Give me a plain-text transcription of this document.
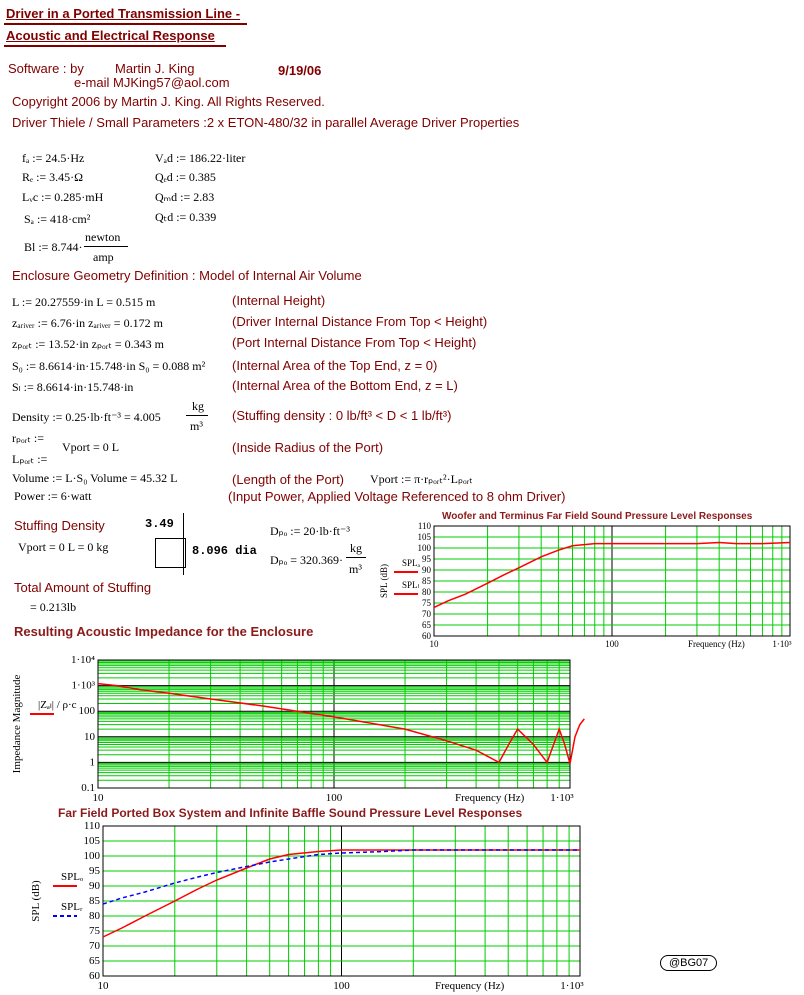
Driver in a Ported Transmission Line -
Acoustic and Electrical Response
Software : by Martin J. King	9/19/06
e-mail MJKing57@aol.com
Copyright 2006 by Martin J. King. All Rights Reserved.
Driver Thiele / Small Parameters :2 x ETON-480/32 in parallel Average Driver Properties
fₐ := 24.5·Hz
Rₑ := 3.45·Ω
Lᵥc := 0.285·mH
Sₐ := 418·cm²
Bl := 8.744·
newton
amp
Vₐd := 186.22·liter
Qₑd := 0.385
Qₘd := 2.83
Qₜd := 0.339
Enclosure Geometry Definition : Model of Internal Air Volume
L := 20.27559·in L = 0.515 m
zₐᵣᵢᵥₑᵣ := 6.76·in zₐᵣᵢᵥₑᵣ = 0.172 m
zₚₒᵣₜ := 13.52·in zₚₒᵣₜ = 0.343 m
S₀ := 8.6614·in·15.748·in S₀ = 0.088 m²
Sₗ := 8.6614·in·15.748·in
Density := 0.25·lb·ft⁻³ = 4.005
kg
m³
rₚₒᵣₜ :=
Vport = 0 L
Lₚₒᵣₜ :=
Volume := L·S₀ Volume = 45.32 L
Power := 6·watt
(Internal Height)
(Driver Internal Distance From Top < Height)
(Port Internal Distance From Top < Height)
(Internal Area of the Top End, z = 0)
(Internal Area of the Bottom End, z = L)
(Stuffing density : 0 lb/ft³ < D < 1 lb/ft³)
(Inside Radius of the Port)
(Length of the Port) Vport := π·rₚₒᵣₜ²·Lₚₒᵣₜ
(Input Power, Applied Voltage Referenced to 8 ohm Driver)
Stuffing Density	3.49
Vport = 0 L = 0 kg	8.096 dia
Dₚₒ := 20·lb·ft⁻³
Dₚₒ = 320.369·
kg
m³
Total Amount of Stuffing
= 0.213lb
Resulting Acoustic Impedance for the Enclosure
Woofer and Terminus Far Field Sound Pressure Level Responses
60
65
70
75
80
85
90
95
100
105
110
10	100	1·10³
Frequency (Hz)
SPL (dB)
SPLₐ
SPLₗ
0.1
1
10
100
1·10³
1·10⁴
10	100	1·10³
Frequency (Hz)
Impedance Magnitude |Zₐₗ| / ρ·c
Far Field Ported Box System and Infinite Baffle Sound Pressure Level Responses
60
65
70
75
80
85
90
95
100
105
110
10	100	1·10³
Frequency (Hz)
SPL (dB)
SPLₒ
SPLᵣ
@BG07
